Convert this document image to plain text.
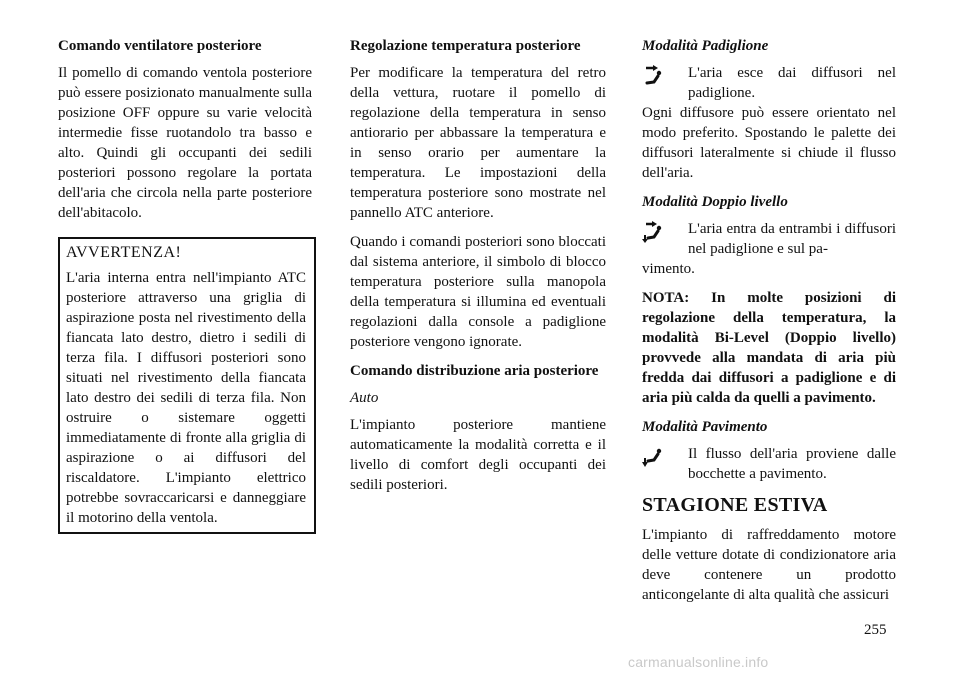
Comando ventilatore posteriore
Il pomello di comando ventola posteriore può essere posizionato manualmente sulla posizione OFF oppure su varie velocità intermedie fisse ruotandolo tra basso e alto. Quindi gli occupanti dei sedili posteriori possono regolare la portata dell'aria che circola nella parte posteriore dell'abitacolo.
AVVERTENZA!
L'aria interna entra nell'impianto ATC posteriore attraverso una griglia di aspirazione posta nel rivestimento della fiancata lato destro, dietro i sedili di terza fila. I diffusori posteriori sono situati nel rivestimento della fiancata lato destro dei sedili di terza fila. Non ostruire o sistemare oggetti immediatamente di fronte alla griglia di aspirazione o ai diffusori del riscaldatore. L'impianto elettrico potrebbe sovraccaricarsi e danneggiare il motorino della ventola.
Regolazione temperatura posteriore
Per modificare la temperatura del retro della vettura, ruotare il pomello di regolazione della temperatura in senso antiorario per abbassare la temperatura e in senso orario per aumentare la temperatura. Le impostazioni della temperatura posteriore sono mostrate nel pannello ATC anteriore.
Quando i comandi posteriori sono bloccati dal sistema anteriore, il simbolo di blocco temperatura posteriore sulla manopola della temperatura si illumina ed eventuali regolazioni dalla console a padiglione posteriore vengono ignorate.
Comando distribuzione aria posteriore
Auto
L'impianto posteriore mantiene automaticamente la modalità corretta e il livello di comfort degli occupanti dei sedili posteriori.
Modalità Padiglione
L'aria esce dai diffusori nel padiglione.
Ogni diffusore può essere orientato nel modo preferito. Spostando le palette dei diffusori lateralmente si chiude il flusso dell'aria.
Modalità Doppio livello
L'aria entra da entrambi i diffusori nel padiglione e sul pa-
vimento.
NOTA: In molte posizioni di regolazione della temperatura, la modalità Bi-Level (Doppio livello) provvede alla mandata di aria più fredda dai diffusori a padiglione e di aria più calda da quelli a pavimento.
Modalità Pavimento
Il flusso dell'aria proviene dalle bocchette a pavimento.
STAGIONE ESTIVA
L'impianto di raffreddamento motore delle vetture dotate di condizionatore aria deve contenere un prodotto anticongelante di alta qualità che assicuri
255
carmanualsonline.info
